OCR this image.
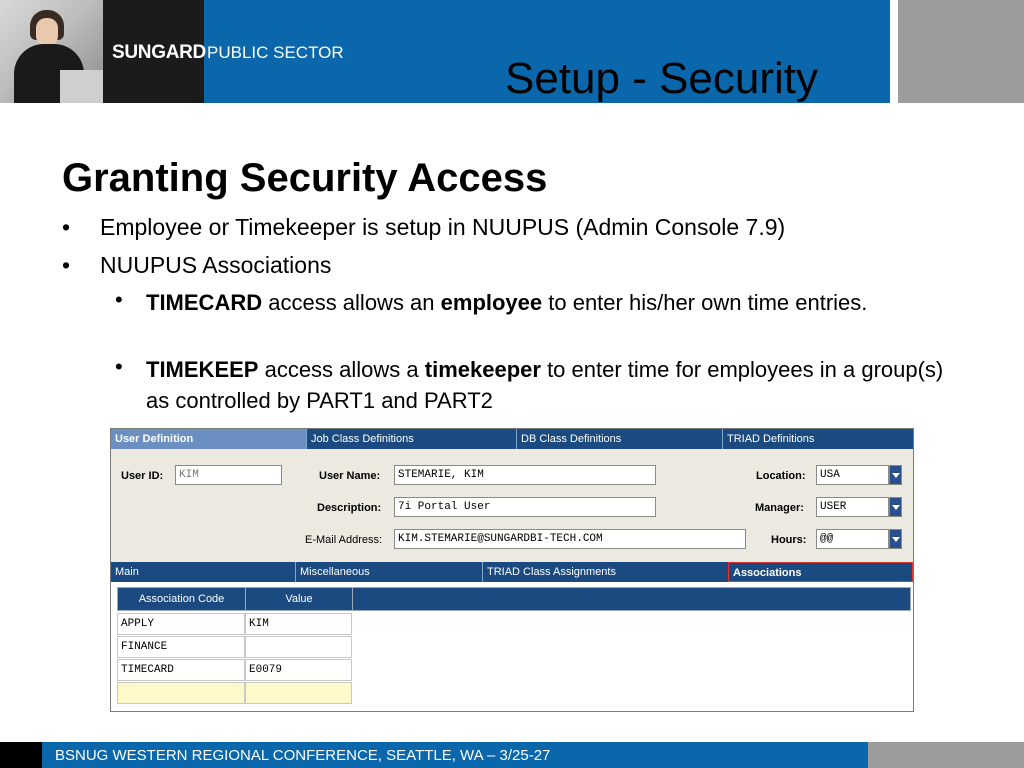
SUNGARD PUBLIC SECTOR
Setup - Security
Granting Security Access
• Employee or Timekeeper is setup in NUUPUS (Admin Console 7.9)
• NUUPUS Associations
• TIMECARD access allows an employee to enter his/her own time entries.
• TIMEKEEP access allows a timekeeper to enter time for employees in a group(s) as controlled by PART1 and PART2
User Definition	Job Class Definitions	DB Class Definitions	TRIAD Definitions
User ID:	KIM	User Name:	STEMARIE, KIM	Location:	USA
Description:	7i Portal User	Manager:	USER
E-Mail Address:	KIM.STEMARIE@SUNGARDBI-TECH.COM	Hours:	@@
Main	Miscellaneous	TRIAD Class Assignments	Associations
Association Code	Value
APPLY	KIM
FINANCE
TIMECARD	E0079
BSNUG WESTERN REGIONAL CONFERENCE, SEATTLE, WA – 3/25-27
